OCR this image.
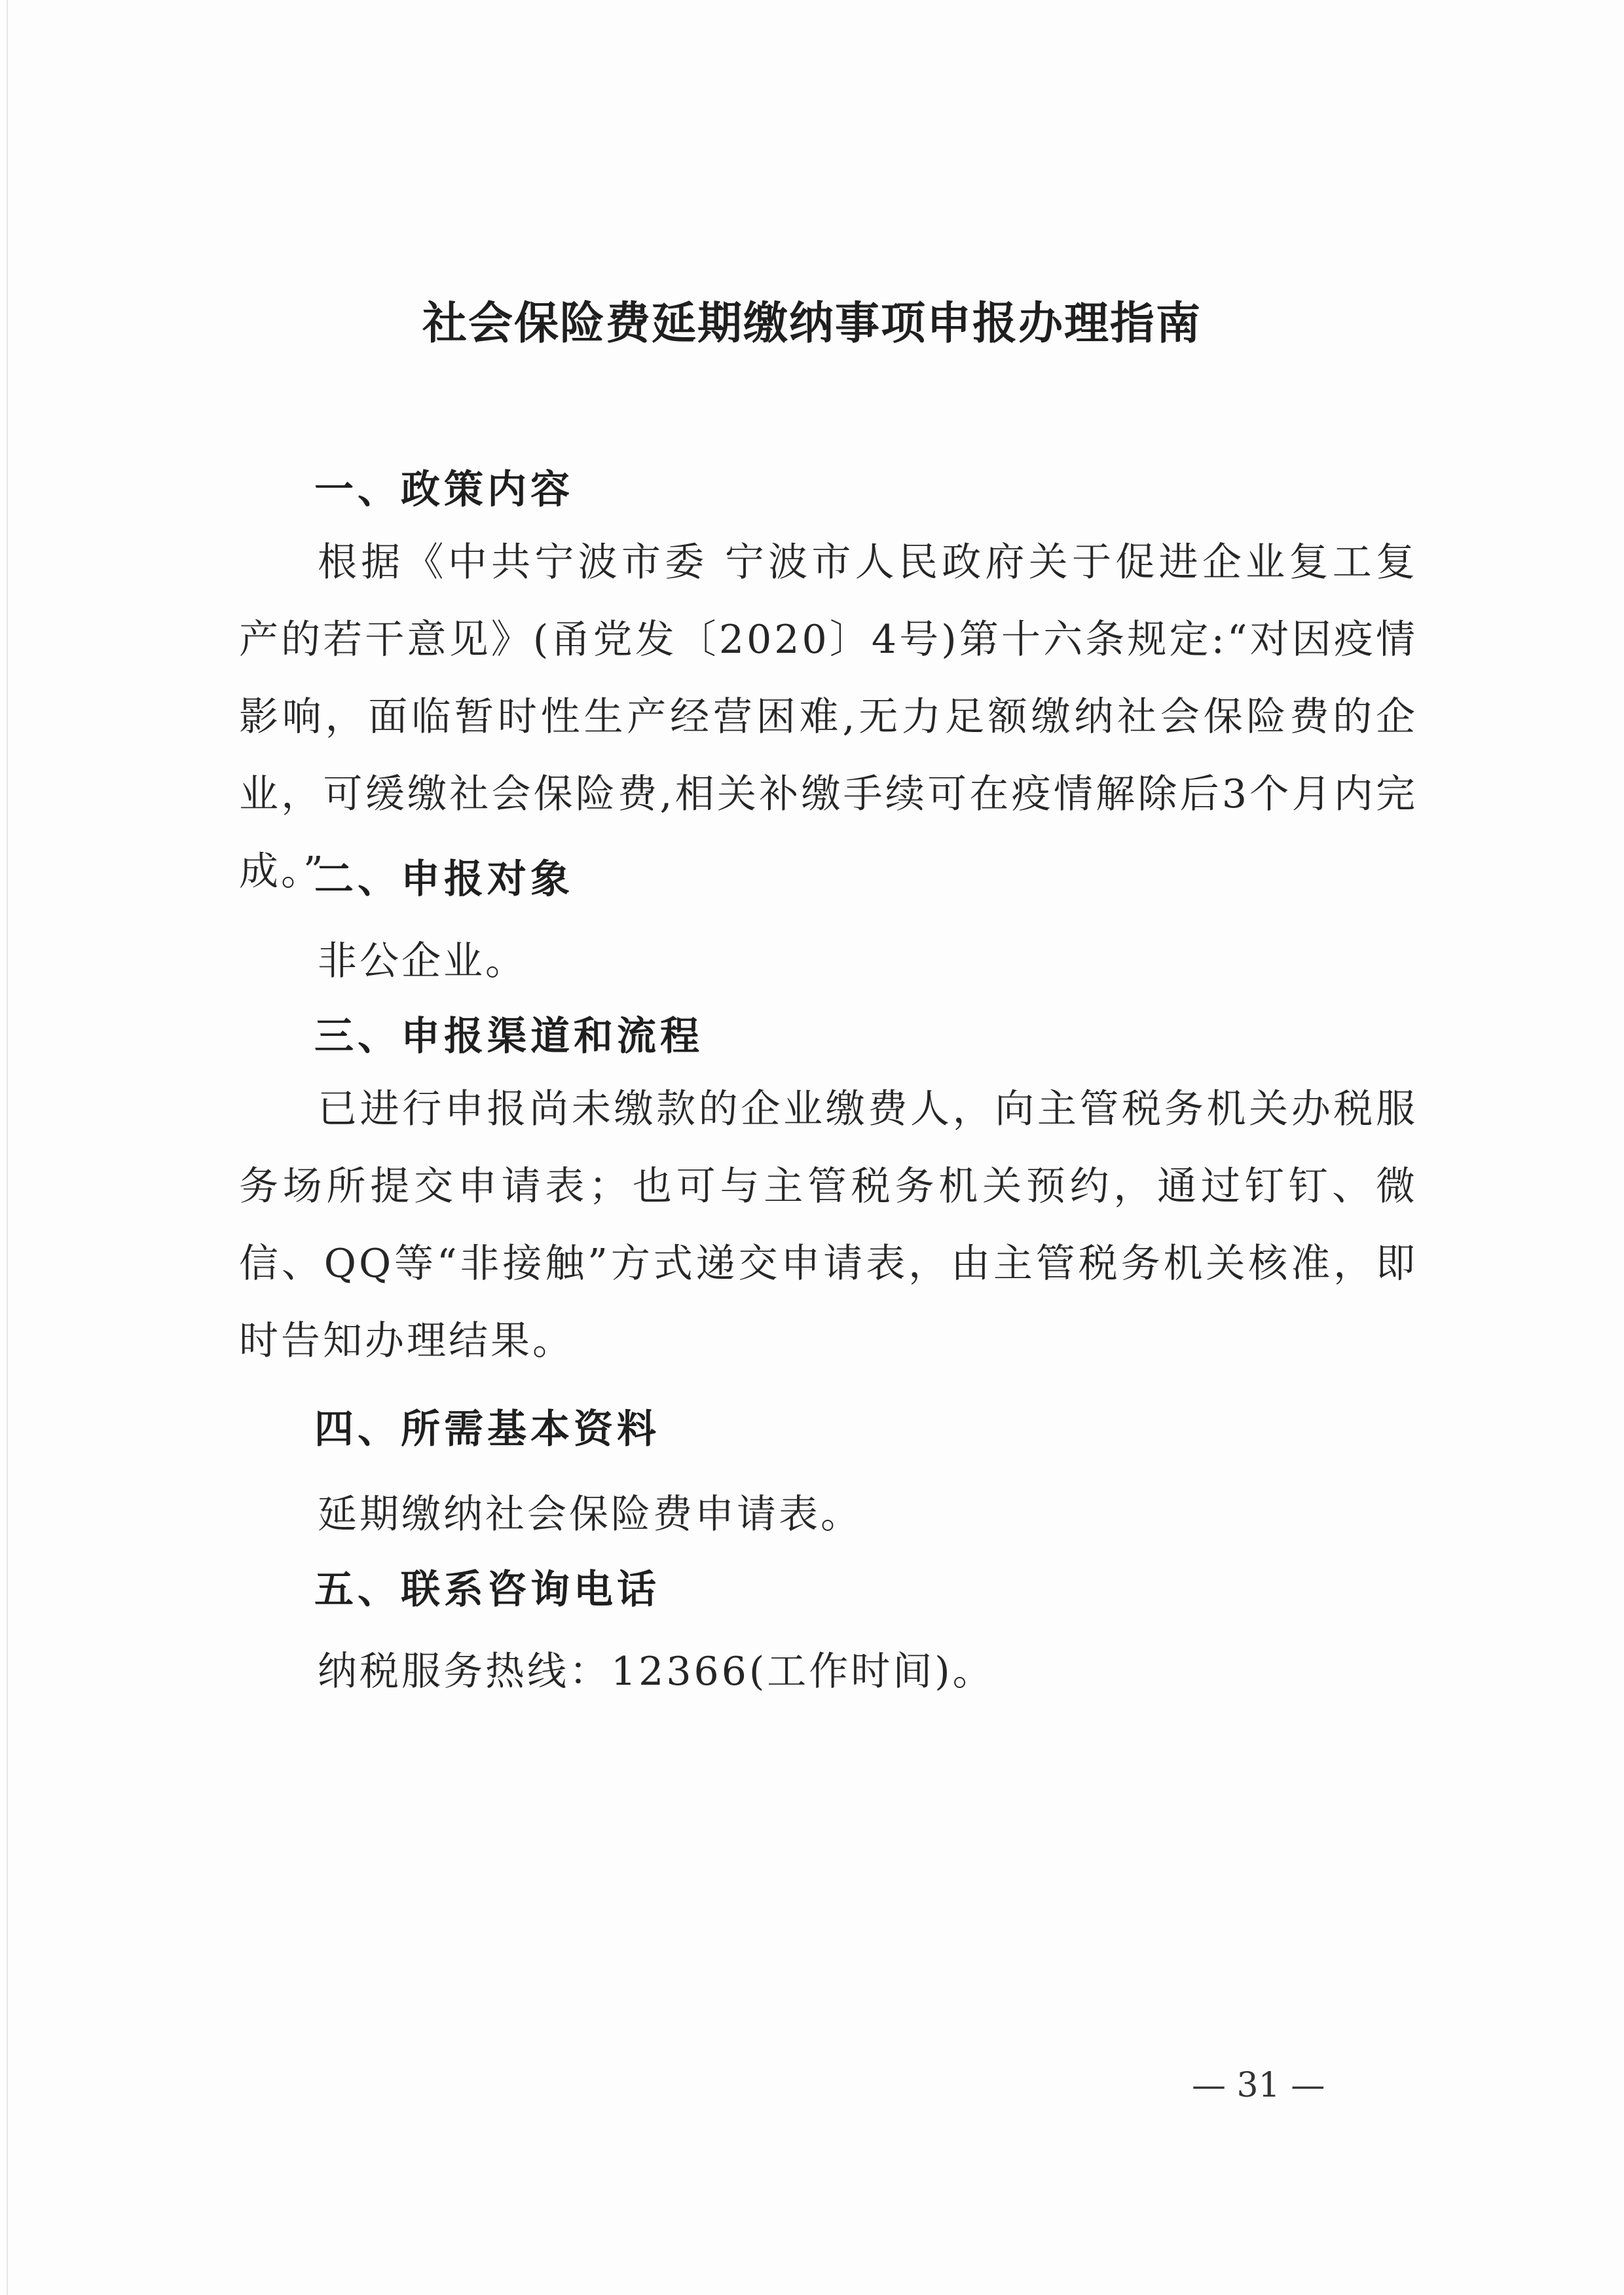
社会保险费延期缴纳事项申报办理指南
一、政策内容
根据《中共宁波市委 宁波市人民政府关于促进企业复工复产的若干意见》(甬党发〔2020〕4号)第十六条规定:“对因疫情影响，面临暂时性生产经营困难,无力足额缴纳社会保险费的企业，可缓缴社会保险费,相关补缴手续可在疫情解除后3个月内完成。”
二、申报对象
非公企业。
三、申报渠道和流程
已进行申报尚未缴款的企业缴费人，向主管税务机关办税服务场所提交申请表；也可与主管税务机关预约，通过钉钉、微信、QQ等“非接触”方式递交申请表，由主管税务机关核准，即时告知办理结果。
四、所需基本资料
延期缴纳社会保险费申请表。
五、联系咨询电话
纳税服务热线：12366(工作时间)。
— 31 —
